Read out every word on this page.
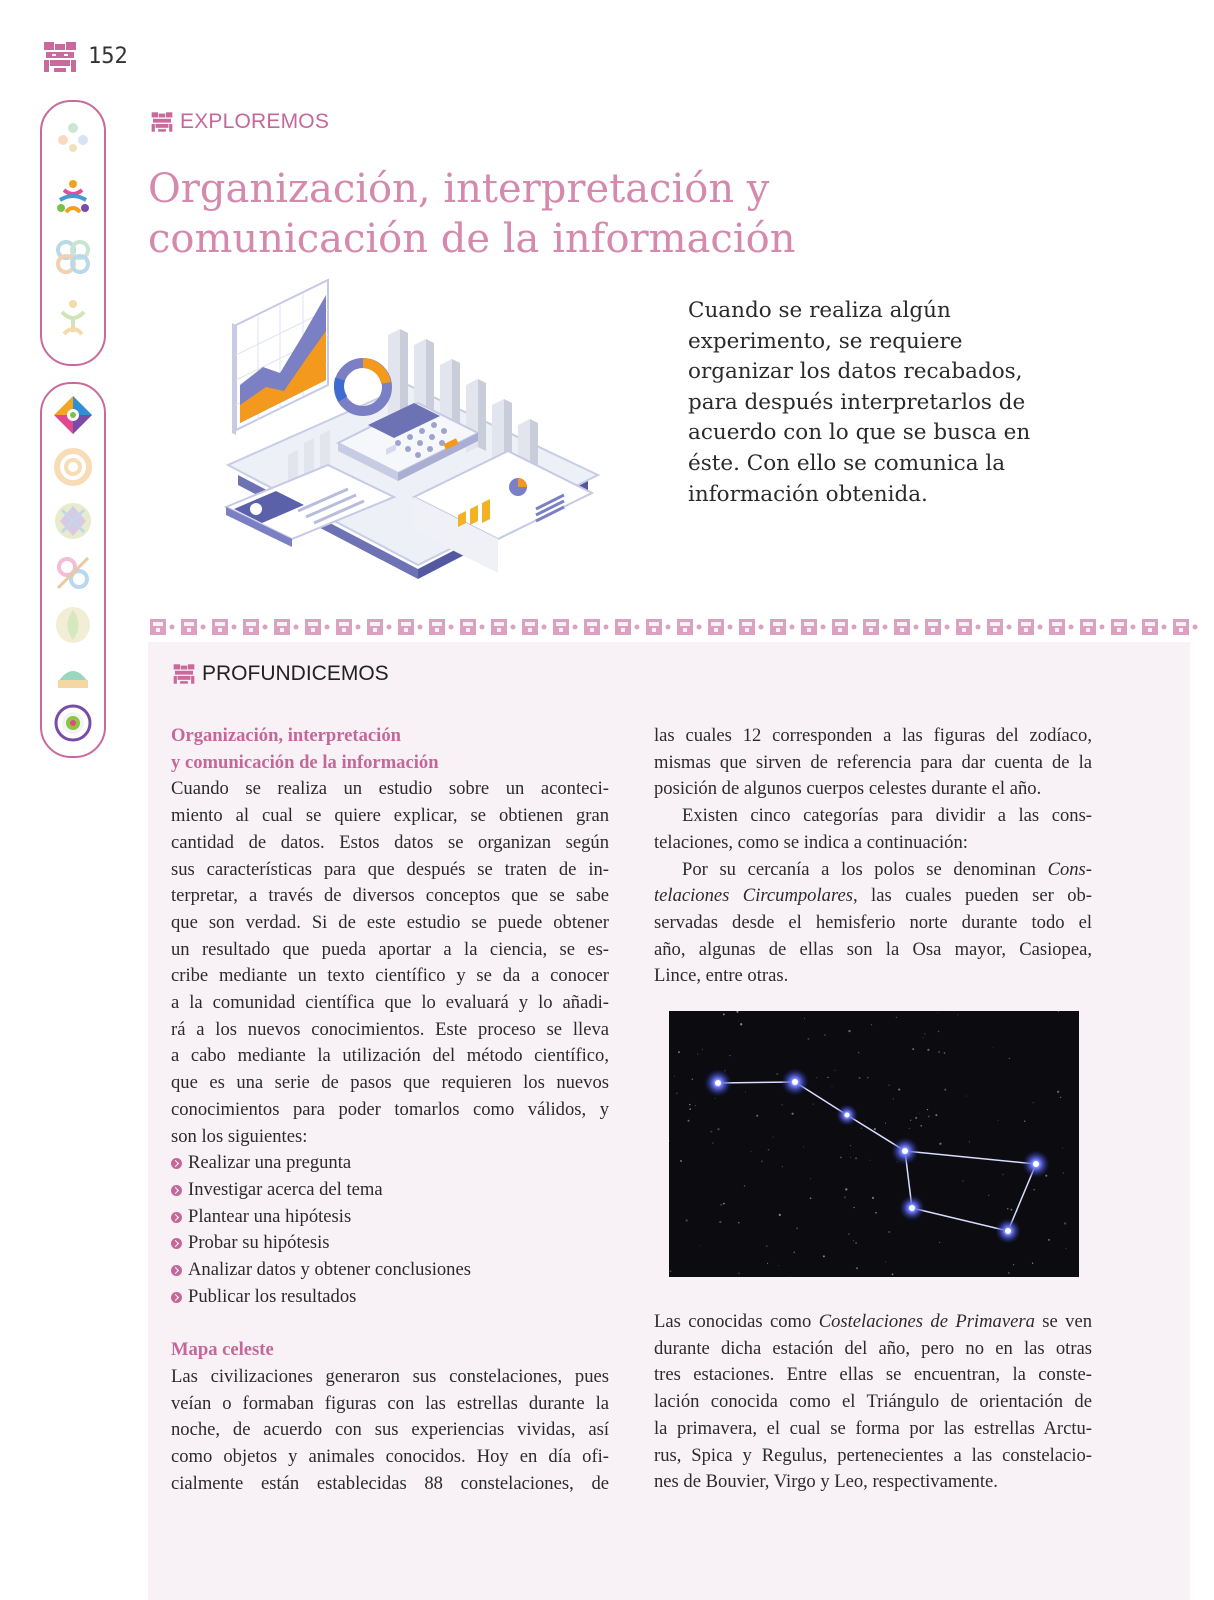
152
EXPLOREMOS
Organización, interpretación y
comunicación de la información
Cuando se realiza algún
experimento, se requiere
organizar los datos recabados,
para después interpretarlos de
acuerdo con lo que se busca en
éste. Con ello se comunica la
información obtenida.
PROFUNDICEMOS
Organización, interpretación
y comunicación de la información
Cuando se realiza un estudio sobre un aconteci-
miento al cual se quiere explicar, se obtienen gran
cantidad de datos. Estos datos se organizan según
sus características para que después se traten de in-
terpretar, a través de diversos conceptos que se sabe
que son verdad. Si de este estudio se puede obtener
un resultado que pueda aportar a la ciencia, se es-
cribe mediante un texto científico y se da a conocer
a la comunidad científica que lo evaluará y lo añadi-
rá a los nuevos conocimientos. Este proceso se lleva
a cabo mediante la utilización del método científico,
que es una serie de pasos que requieren los nuevos
conocimientos para poder tomarlos como válidos, y
son los siguientes:
Realizar una pregunta
Investigar acerca del tema
Plantear una hipótesis
Probar su hipótesis
Analizar datos y obtener conclusiones
Publicar los resultados
Mapa celeste
Las civilizaciones generaron sus constelaciones, pues
veían o formaban figuras con las estrellas durante la
noche, de acuerdo con sus experiencias vividas, así
como objetos y animales conocidos. Hoy en día ofi-
cialmente están establecidas 88 constelaciones, de
las cuales 12 corresponden a las figuras del zodíaco,
mismas que sirven de referencia para dar cuenta de la
posición de algunos cuerpos celestes durante el año.
Existen cinco categorías para dividir a las cons-
telaciones, como se indica a continuación:
Por su cercanía a los polos se denominan Cons-
telaciones Circumpolares, las cuales pueden ser ob-
servadas desde el hemisferio norte durante todo el
año, algunas de ellas son la Osa mayor, Casiopea,
Lince, entre otras.
Las conocidas como Costelaciones de Primavera se ven
durante dicha estación del año, pero no en las otras
tres estaciones. Entre ellas se encuentran, la conste-
lación conocida como el Triángulo de orientación de
la primavera, el cual se forma por las estrellas Arctu-
rus, Spica y Regulus, pertenecientes a las constelacio-
nes de Bouvier, Virgo y Leo, respectivamente.
